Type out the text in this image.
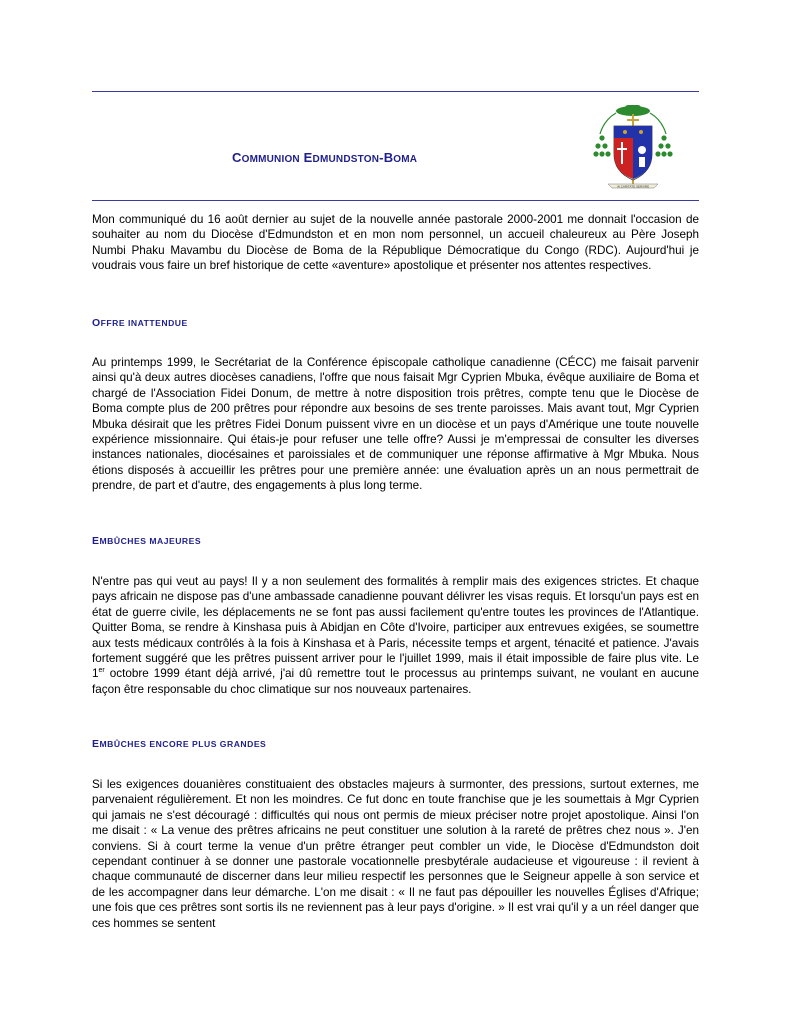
COMMUNION EDMUNDSTON-BOMA
IN CARITATE SERVIRE

Mon communiqué du 16 août dernier au sujet de la nouvelle année pastorale 2000-2001 me donnait l'occasion de souhaiter au nom du Diocèse d'Edmundston et en mon nom personnel, un accueil chaleureux au Père Joseph Numbi Phaku Mavambu du Diocèse de Boma de la République Démocratique du Congo (RDC). Aujourd'hui je voudrais vous faire un bref historique de cette «aventure» apostolique et présenter nos attentes respectives.

OFFRE INATTENDUE

Au printemps 1999, le Secrétariat de la Conférence épiscopale catholique canadienne (CÉCC) me faisait parvenir ainsi qu'à deux autres diocèses canadiens, l'offre que nous faisait Mgr Cyprien Mbuka, évêque auxiliaire de Boma et chargé de l'Association Fidei Donum, de mettre à notre disposition trois prêtres, compte tenu que le Diocèse de Boma compte plus de 200 prêtres pour répondre aux besoins de ses trente paroisses. Mais avant tout, Mgr Cyprien Mbuka désirait que les prêtres Fidei Donum puissent vivre en un diocèse et un pays d'Amérique une toute nouvelle expérience missionnaire. Qui étais-je pour refuser une telle offre? Aussi je m'empressai de consulter les diverses instances nationales, diocésaines et paroissiales et de communiquer une réponse affirmative à Mgr Mbuka. Nous étions disposés à accueillir les prêtres pour une première année: une évaluation après un an nous permettrait de prendre, de part et d'autre, des engagements à plus long terme.

EMBÛCHES MAJEURES

N'entre pas qui veut au pays! Il y a non seulement des formalités à remplir mais des exigences strictes. Et chaque pays africain ne dispose pas d'une ambassade canadienne pouvant délivrer les visas requis. Et lorsqu'un pays est en état de guerre civile, les déplacements ne se font pas aussi facilement qu'entre toutes les provinces de l'Atlantique. Quitter Boma, se rendre à Kinshasa puis à Abidjan en Côte d'Ivoire, participer aux entrevues exigées, se soumettre aux tests médicaux contrôlés à la fois à Kinshasa et à Paris, nécessite temps et argent, ténacité et patience. J'avais fortement suggéré que les prêtres puissent arriver pour le l'juillet 1999, mais il était impossible de faire plus vite. Le 1er octobre 1999 étant déjà arrivé, j'ai dû remettre tout le processus au printemps suivant, ne voulant en aucune façon être responsable du choc climatique sur nos nouveaux partenaires.

EMBÛCHES ENCORE PLUS GRANDES

Si les exigences douanières constituaient des obstacles majeurs à surmonter, des pressions, surtout externes, me parvenaient régulièrement. Et non les moindres. Ce fut donc en toute franchise que je les soumettais à Mgr Cyprien qui jamais ne s'est découragé : difficultés qui nous ont permis de mieux préciser notre projet apostolique. Ainsi l'on me disait : « La venue des prêtres africains ne peut constituer une solution à la rareté de prêtres chez nous ». J'en conviens. Si à court terme la venue d'un prêtre étranger peut combler un vide, le Diocèse d'Edmundston doit cependant continuer à se donner une pastorale vocationnelle presbytérale audacieuse et vigoureuse : il revient à chaque communauté de discerner dans leur milieu respectif les personnes que le Seigneur appelle à son service et de les accompagner dans leur démarche. L'on me disait : « Il ne faut pas dépouiller les nouvelles Églises d'Afrique; une fois que ces prêtres sont sortis ils ne reviennent pas à leur pays d'origine. » Il est vrai qu'il y a un réel danger que ces hommes se sentent
